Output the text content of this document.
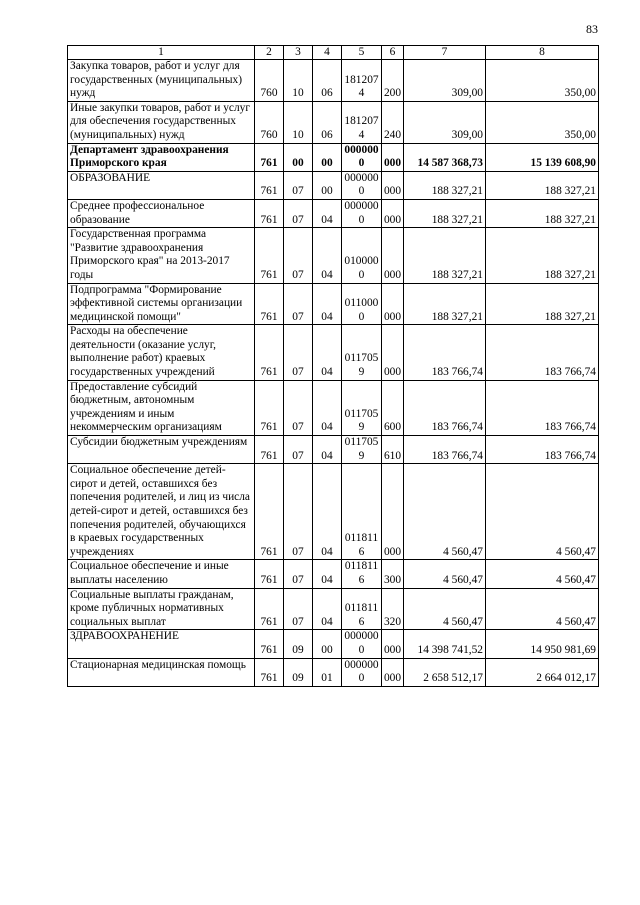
83
1	2	3	4	5	6	7	8
Закупка товаров, работ и услуг для государственных (муниципальных) нужд	760	10	06	1812074	200	309,00	350,00
Иные закупки товаров, работ и услуг для обеспечения государственных (муниципальных) нужд	760	10	06	1812074	240	309,00	350,00
Департамент здравоохранения Приморского края	761	00	00	0000000	000	14 587 368,73	15 139 608,90
ОБРАЗОВАНИЕ	761	07	00	0000000	000	188 327,21	188 327,21
Среднее профессиональное образование	761	07	04	0000000	000	188 327,21	188 327,21
Государственная программа "Развитие здравоохранения Приморского края" на 2013-2017 годы	761	07	04	0100000	000	188 327,21	188 327,21
Подпрограмма "Формирование эффективной системы организации медицинской помощи"	761	07	04	0110000	000	188 327,21	188 327,21
Расходы на обеспечение деятельности (оказание услуг, выполнение работ) краевых государственных учреждений	761	07	04	0117059	000	183 766,74	183 766,74
Предоставление субсидий бюджетным, автономным учреждениям и иным некоммерческим организациям	761	07	04	0117059	600	183 766,74	183 766,74
Субсидии бюджетным учреждениям	761	07	04	0117059	610	183 766,74	183 766,74
Социальное обеспечение детей-сирот и детей, оставшихся без попечения родителей, и лиц из числа детей-сирот и детей, оставшихся без попечения родителей, обучающихся в краевых государственных учреждениях	761	07	04	0118116	000	4 560,47	4 560,47
Социальное обеспечение и иные выплаты населению	761	07	04	0118116	300	4 560,47	4 560,47
Социальные выплаты гражданам, кроме публичных нормативных социальных выплат	761	07	04	0118116	320	4 560,47	4 560,47
ЗДРАВООХРАНЕНИЕ	761	09	00	0000000	000	14 398 741,52	14 950 981,69
Стационарная медицинская помощь	761	09	01	0000000	000	2 658 512,17	2 664 012,17
